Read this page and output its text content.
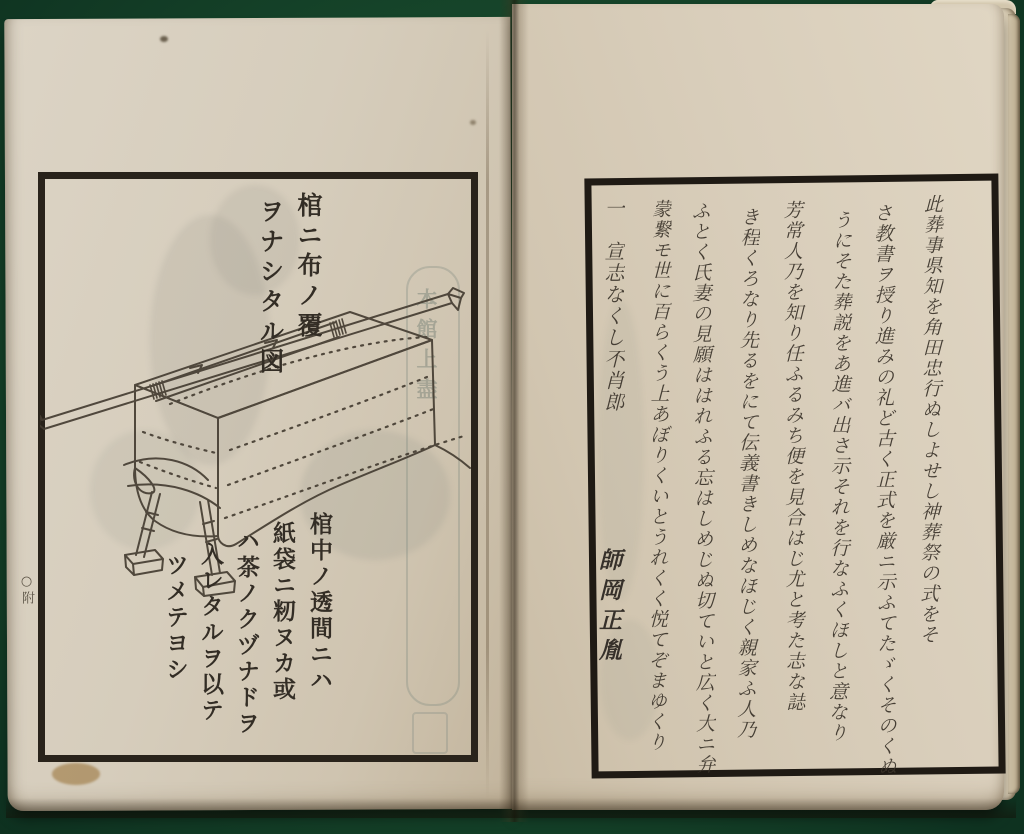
本館上盡
棺ニ布ノ覆
ヲナシタル図
棺中ノ透間ニハ
紙袋ニ籾ヌカ或
ハ茶ノクヅナドヲ
入レタルヲ以テ
ツメテヨシ
○附	此葬事県知を角田忠行ぬしよせし神葬祭の式をそ
さ教書ヲ授り進みの礼ど古く正式を厳ニ示ふてたゞくそのくぬ
うにそた葬説をあ進バ出さ示それを行なふくほしと意なり
芳常人乃を知り任ふるみち便を見合はじ尤と考た志な誌
き程くろなり先るをにて伝義書きしめなほじく親家ふ人乃
ふとく氏妻の見願ははれふる忘はしめじぬ切ていと広く大ニ弁
蒙繋モ世に百らくう上あぼりくいとうれくく悦てぞまゆくり
一　宣志なくし不肖郎
師岡正胤
